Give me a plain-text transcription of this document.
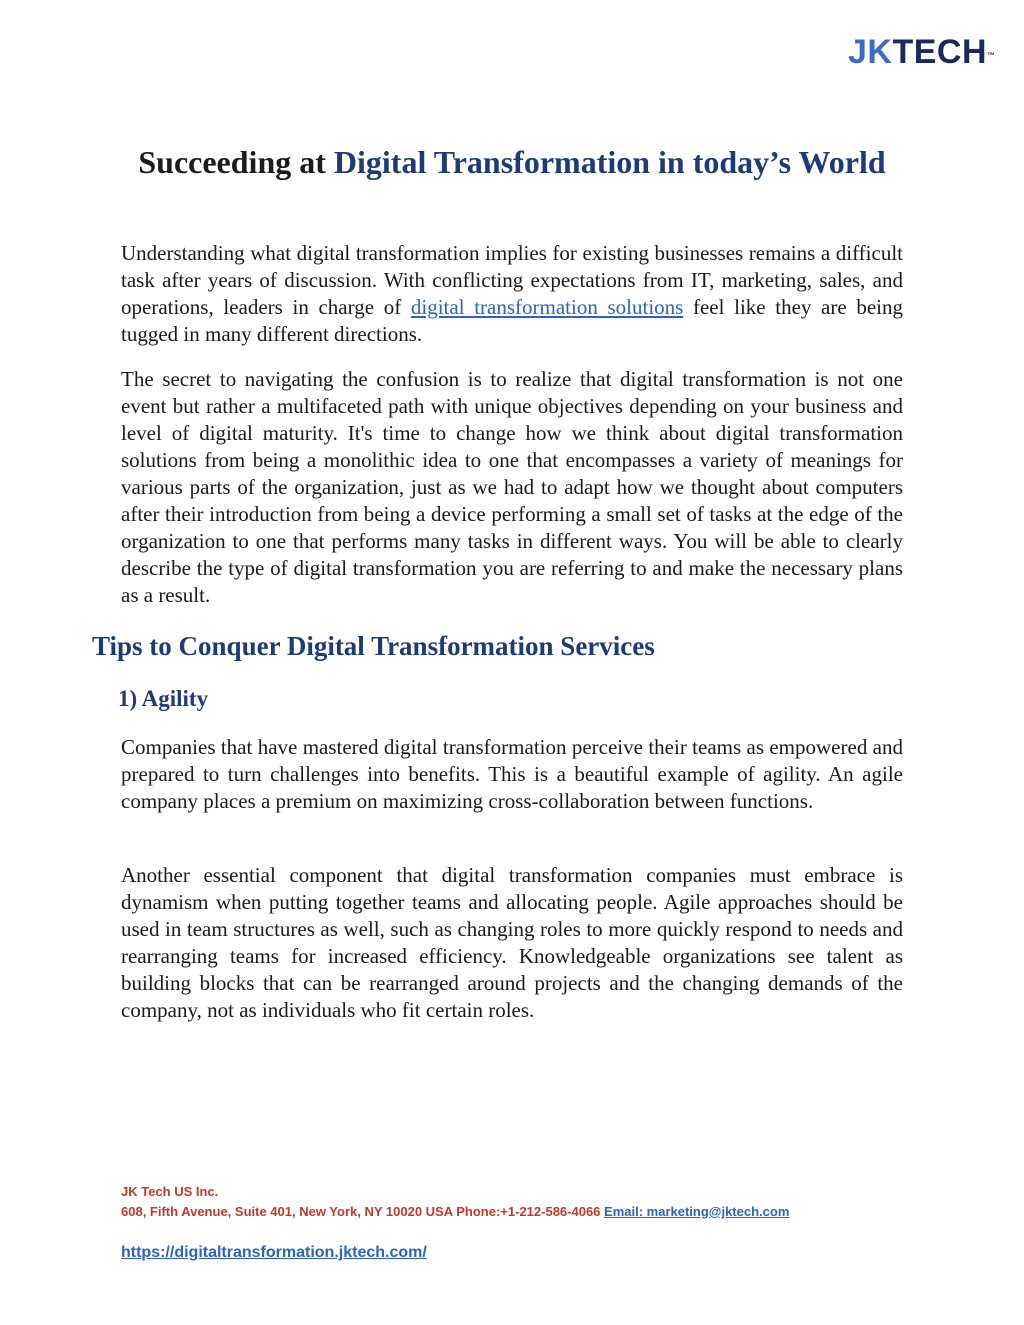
JKTECH™
Succeeding at Digital Transformation in today’s World

Understanding what digital transformation implies for existing businesses remains a difficult task after years of discussion. With conflicting expectations from IT, marketing, sales, and operations, leaders in charge of digital transformation solutions feel like they are being tugged in many different directions.

The secret to navigating the confusion is to realize that digital transformation is not one event but rather a multifaceted path with unique objectives depending on your business and level of digital maturity. It's time to change how we think about digital transformation solutions from being a monolithic idea to one that encompasses a variety of meanings for various parts of the organization, just as we had to adapt how we thought about computers after their introduction from being a device performing a small set of tasks at the edge of the organization to one that performs many tasks in different ways. You will be able to clearly describe the type of digital transformation you are referring to and make the necessary plans as a result.

Tips to Conquer Digital Transformation Services
1) Agility

Companies that have mastered digital transformation perceive their teams as empowered and prepared to turn challenges into benefits. This is a beautiful example of agility. An agile company places a premium on maximizing cross-collaboration between functions.

Another essential component that digital transformation companies must embrace is dynamism when putting together teams and allocating people. Agile approaches should be used in team structures as well, such as changing roles to more quickly respond to needs and rearranging teams for increased efficiency. Knowledgeable organizations see talent as building blocks that can be rearranged around projects and the changing demands of the company, not as individuals who fit certain roles.

JK Tech US Inc.
608, Fifth Avenue, Suite 401, New York, NY 10020 USA Phone:+1-212-586-4066 Email: marketing@jktech.com
https://digitaltransformation.jktech.com/
